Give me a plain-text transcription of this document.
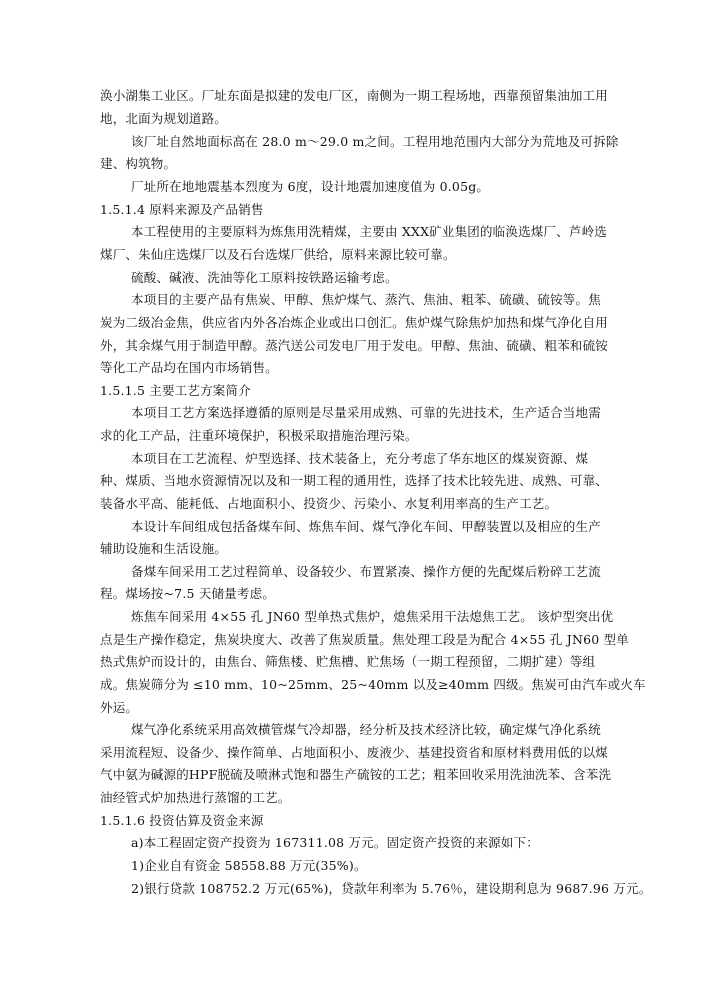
涣小湖集工业区。厂址东面是拟建的发电厂区，南侧为一期工程场地，西靠预留集油加工用
地，北面为规划道路。
该厂址自然地面标高在 28.0 m～29.0 m之间。工程用地范围内大部分为荒地及可拆除
建、构筑物。
厂址所在地地震基本烈度为 6度，设计地震加速度值为 0.05g。
1.5.1.4 原料来源及产品销售
本工程使用的主要原料为炼焦用洗精煤，主要由 XXX矿业集团的临涣选煤厂、芦岭选
煤厂、朱仙庄选煤厂以及石台选煤厂供给，原料来源比较可靠。
硫酸、碱液、洗油等化工原料按铁路运输考虑。
本项目的主要产品有焦炭、甲醇、焦炉煤气、蒸汽、焦油、粗苯、硫磺、硫铵等。焦
炭为二级冶金焦，供应省内外各冶炼企业或出口创汇。焦炉煤气除焦炉加热和煤气净化自用
外，其余煤气用于制造甲醇。蒸汽送公司发电厂用于发电。甲醇、焦油、硫磺、粗苯和硫铵
等化工产品均在国内市场销售。
1.5.1.5 主要工艺方案简介
本项目工艺方案选择遵循的原则是尽量采用成熟、可靠的先进技术，生产适合当地需
求的化工产品，注重环境保护，积极采取措施治理污染。
本项目在工艺流程、炉型选择、技术装备上，充分考虑了华东地区的煤炭资源、煤
种、煤质、当地水资源情况以及和一期工程的通用性，选择了技术比较先进、成熟、可靠、
装备水平高、能耗低、占地面积小、投资少、污染小、水复利用率高的生产工艺。
本设计车间组成包括备煤车间、炼焦车间、煤气净化车间、甲醇装置以及相应的生产
辅助设施和生活设施。
备煤车间采用工艺过程简单、设备较少、布置紧凑、操作方便的先配煤后粉碎工艺流
程。煤场按~7.5 天储量考虑。
炼焦车间采用 4×55 孔 JN60 型单热式焦炉，熄焦采用干法熄焦工艺。 该炉型突出优
点是生产操作稳定，焦炭块度大、改善了焦炭质量。焦处理工段是为配合 4×55 孔 JN60 型单
热式焦炉而设计的，由焦台、筛焦楼、贮焦槽、贮焦场（一期工程预留，二期扩建）等组
成。焦炭筛分为 ≤10 mm、10~25mm、25~40mm 以及≥40mm 四级。焦炭可由汽车或火车
外运。
煤气净化系统采用高效横管煤气冷却器，经分析及技术经济比较，确定煤气净化系统
采用流程短、设备少、操作简单、占地面积小、废液少、基建投资省和原材料费用低的以煤
气中氨为碱源的HPF脱硫及喷淋式饱和器生产硫铵的工艺；粗苯回收采用洗油洗苯、含苯洗
油经管式炉加热进行蒸馏的工艺。
1.5.1.6 投资估算及资金来源
a)本工程固定资产投资为 167311.08 万元。固定资产投资的来源如下：
1)企业自有资金 58558.88 万元(35%)。
2)银行贷款 108752.2 万元(65%)，贷款年利率为 5.76％，建设期利息为 9687.96 万元。
